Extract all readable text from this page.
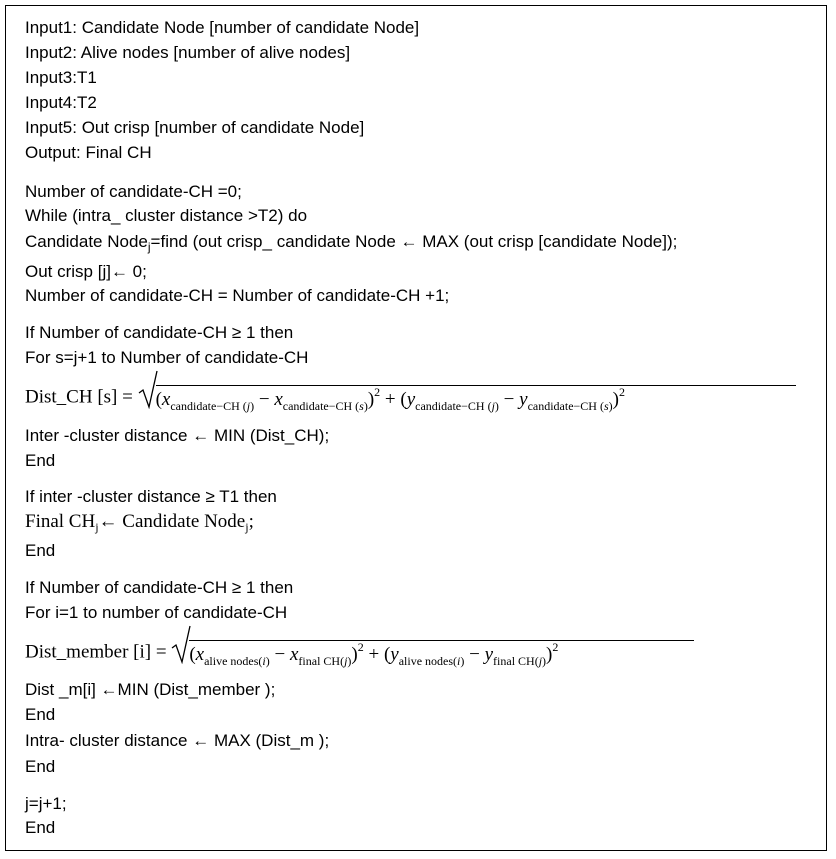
Input1: Candidate Node [number of candidate Node]
Input2: Alive nodes [number of alive nodes]
Input3:T1
Input4:T2
Input5: Out crisp [number of candidate Node]
Output: Final CH
Number of candidate-CH =0;
While (intra_ cluster distance >T2) do
Candidate Node$_j$=find (out crisp_ candidate Node ← MAX (out crisp [candidate Node]);
Out crisp [j]← 0;
Number of candidate-CH = Number of candidate-CH +1;
If Number of candidate-CH ≥ 1 then
For s=j+1 to Number of candidate-CH
Dist_CH $[s] = (x_{candidate-CH (j)} - x_{candidate-CH (s)})^2 + (y_{candidate-CH (j)} - y_{candidate-CH (s)})^2$
Inter -cluster distance ← MIN (Dist_CH);
End
If inter -cluster distance ≥ T1 then
Final $CH_j\leftarrow$ Candidate Node$_j$;
End
If Number of candidate-CH ≥ 1 then
For i=1 to number of candidate-CH
Dist_member $[i] = (x_{alive nodes(i)} - x_{final CH(j)})^2 + (y_{alive nodes(i)} - y_{final CH(j)})^2$
Dist _m[i] ←MIN (Dist_member );
End
Intra- cluster distance ← MAX (Dist_m );
End
j=j+1;
End
